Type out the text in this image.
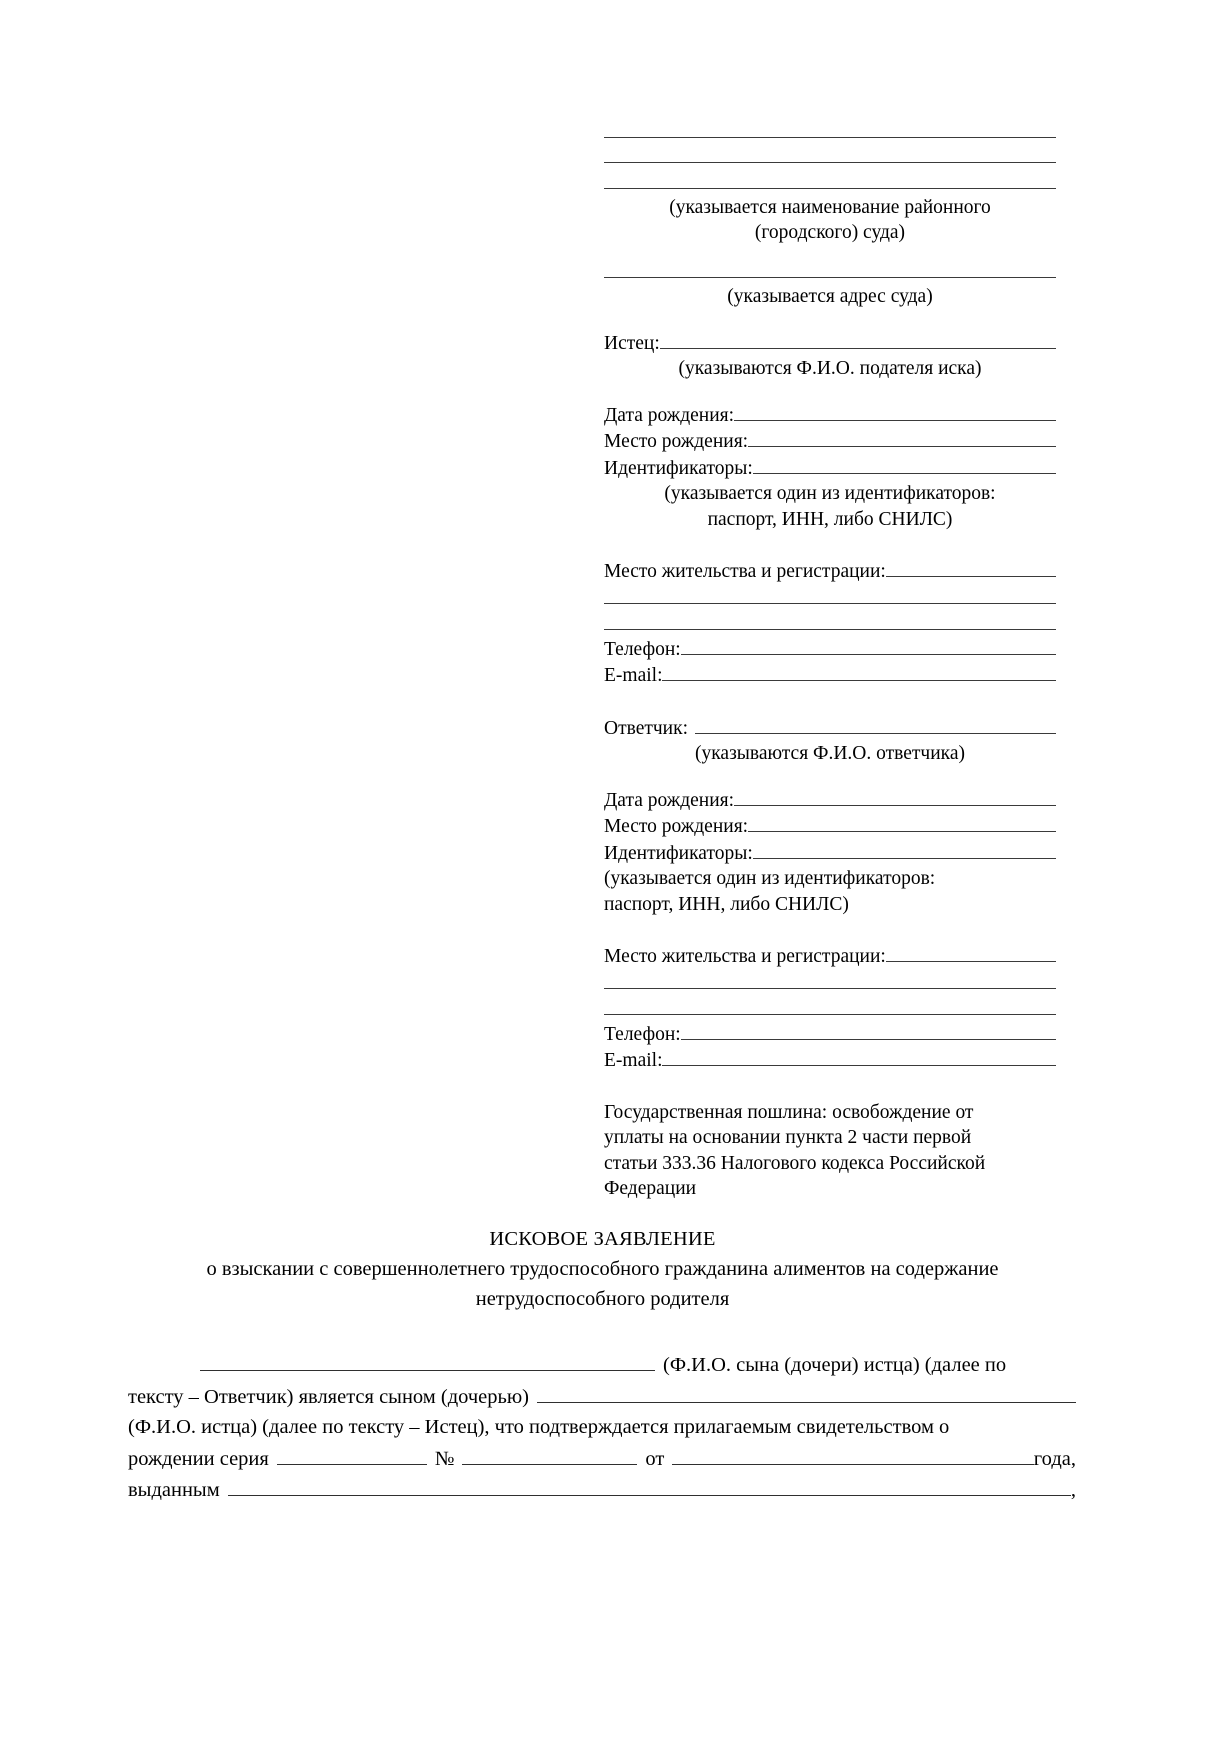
(указывается наименование районного
(городского) суда)
(указывается адрес суда)
Истец:
(указываются Ф.И.О. подателя иска)
Дата рождения:
Место рождения:
Идентификаторы:
(указывается один из идентификаторов:
паспорт, ИНН, либо СНИЛС)
Место жительства и регистрации:
Телефон:
E-mail:
Ответчик:
(указываются Ф.И.О. ответчика)
Дата рождения:
Место рождения:
Идентификаторы:
(указывается один из идентификаторов:
паспорт, ИНН, либо СНИЛС)
Место жительства и регистрации:
Телефон:
E-mail:
Государственная пошлина: освобождение от
уплаты на основании пункта 2 части первой
статьи 333.36 Налогового кодекса Российской
Федерации
ИСКОВОЕ ЗАЯВЛЕНИЕ
о взыскании с совершеннолетнего трудоспособного гражданина алиментов на содержание
нетрудоспособного родителя
(Ф.И.О. сына (дочери) истца) (далее по
тексту – Ответчик) является сыном (дочерью)
(Ф.И.О. истца) (далее по тексту – Истец), что подтверждается прилагаемым свидетельством о
рождении серия	№	от	года,
выданным	,
